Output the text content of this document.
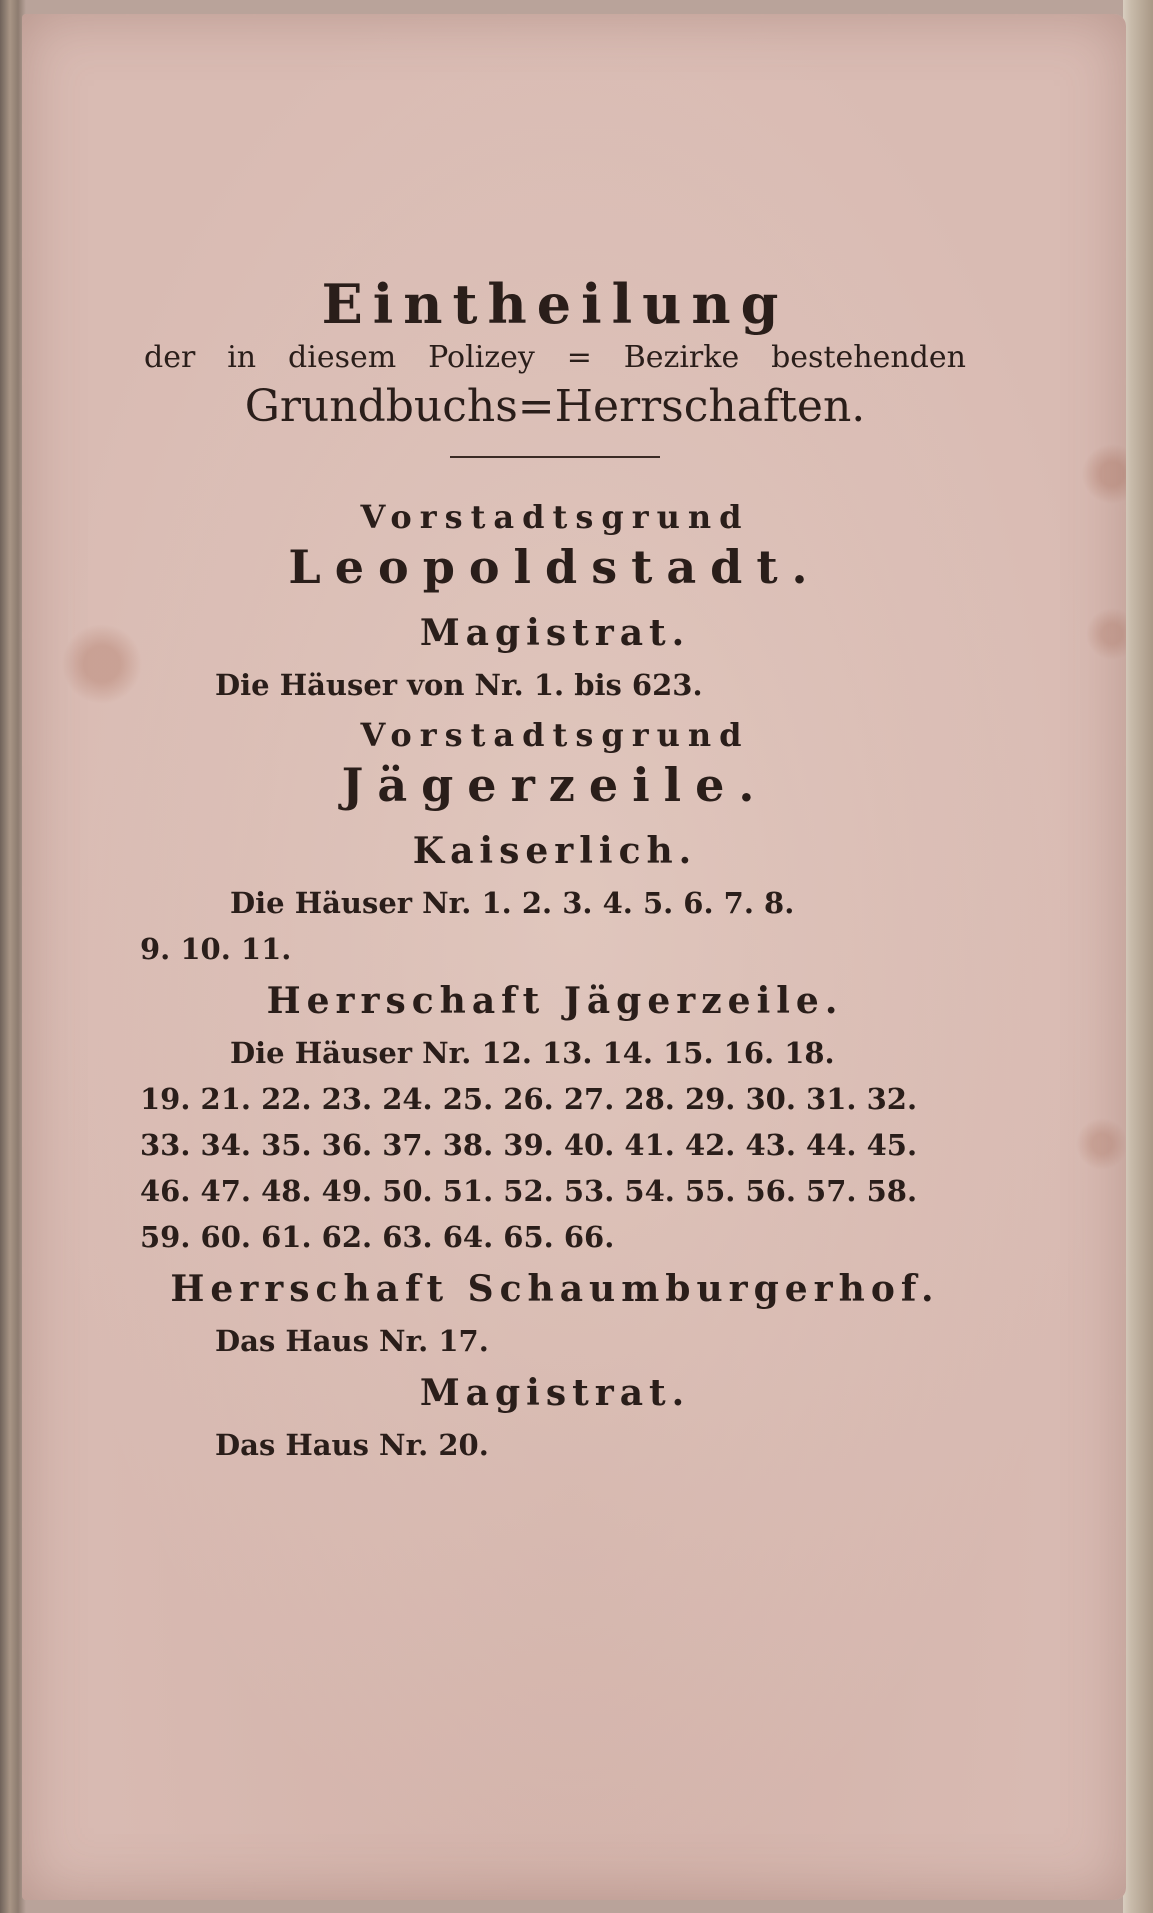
Eintheilung
der in diesem Polizey = Bezirke bestehenden
Grundbuchs=Herrschaften.
Vorstadtsgrund
Leopoldstadt.
Magistrat.
Die Häuser von Nr. 1. bis 623.
Vorstadtsgrund
Jägerzeile.
Kaiserlich.
Die Häuser Nr. 1. 2. 3. 4. 5. 6. 7. 8.
9. 10. 11.
Herrschaft Jägerzeile.
Die Häuser Nr. 12. 13. 14. 15. 16. 18.
19. 21. 22. 23. 24. 25. 26. 27. 28. 29. 30. 31. 32.
33. 34. 35. 36. 37. 38. 39. 40. 41. 42. 43. 44. 45.
46. 47. 48. 49. 50. 51. 52. 53. 54. 55. 56. 57. 58.
59. 60. 61. 62. 63. 64. 65. 66.
Herrschaft Schaumburgerhof.
Das Haus Nr. 17.
Magistrat.
Das Haus Nr. 20.
